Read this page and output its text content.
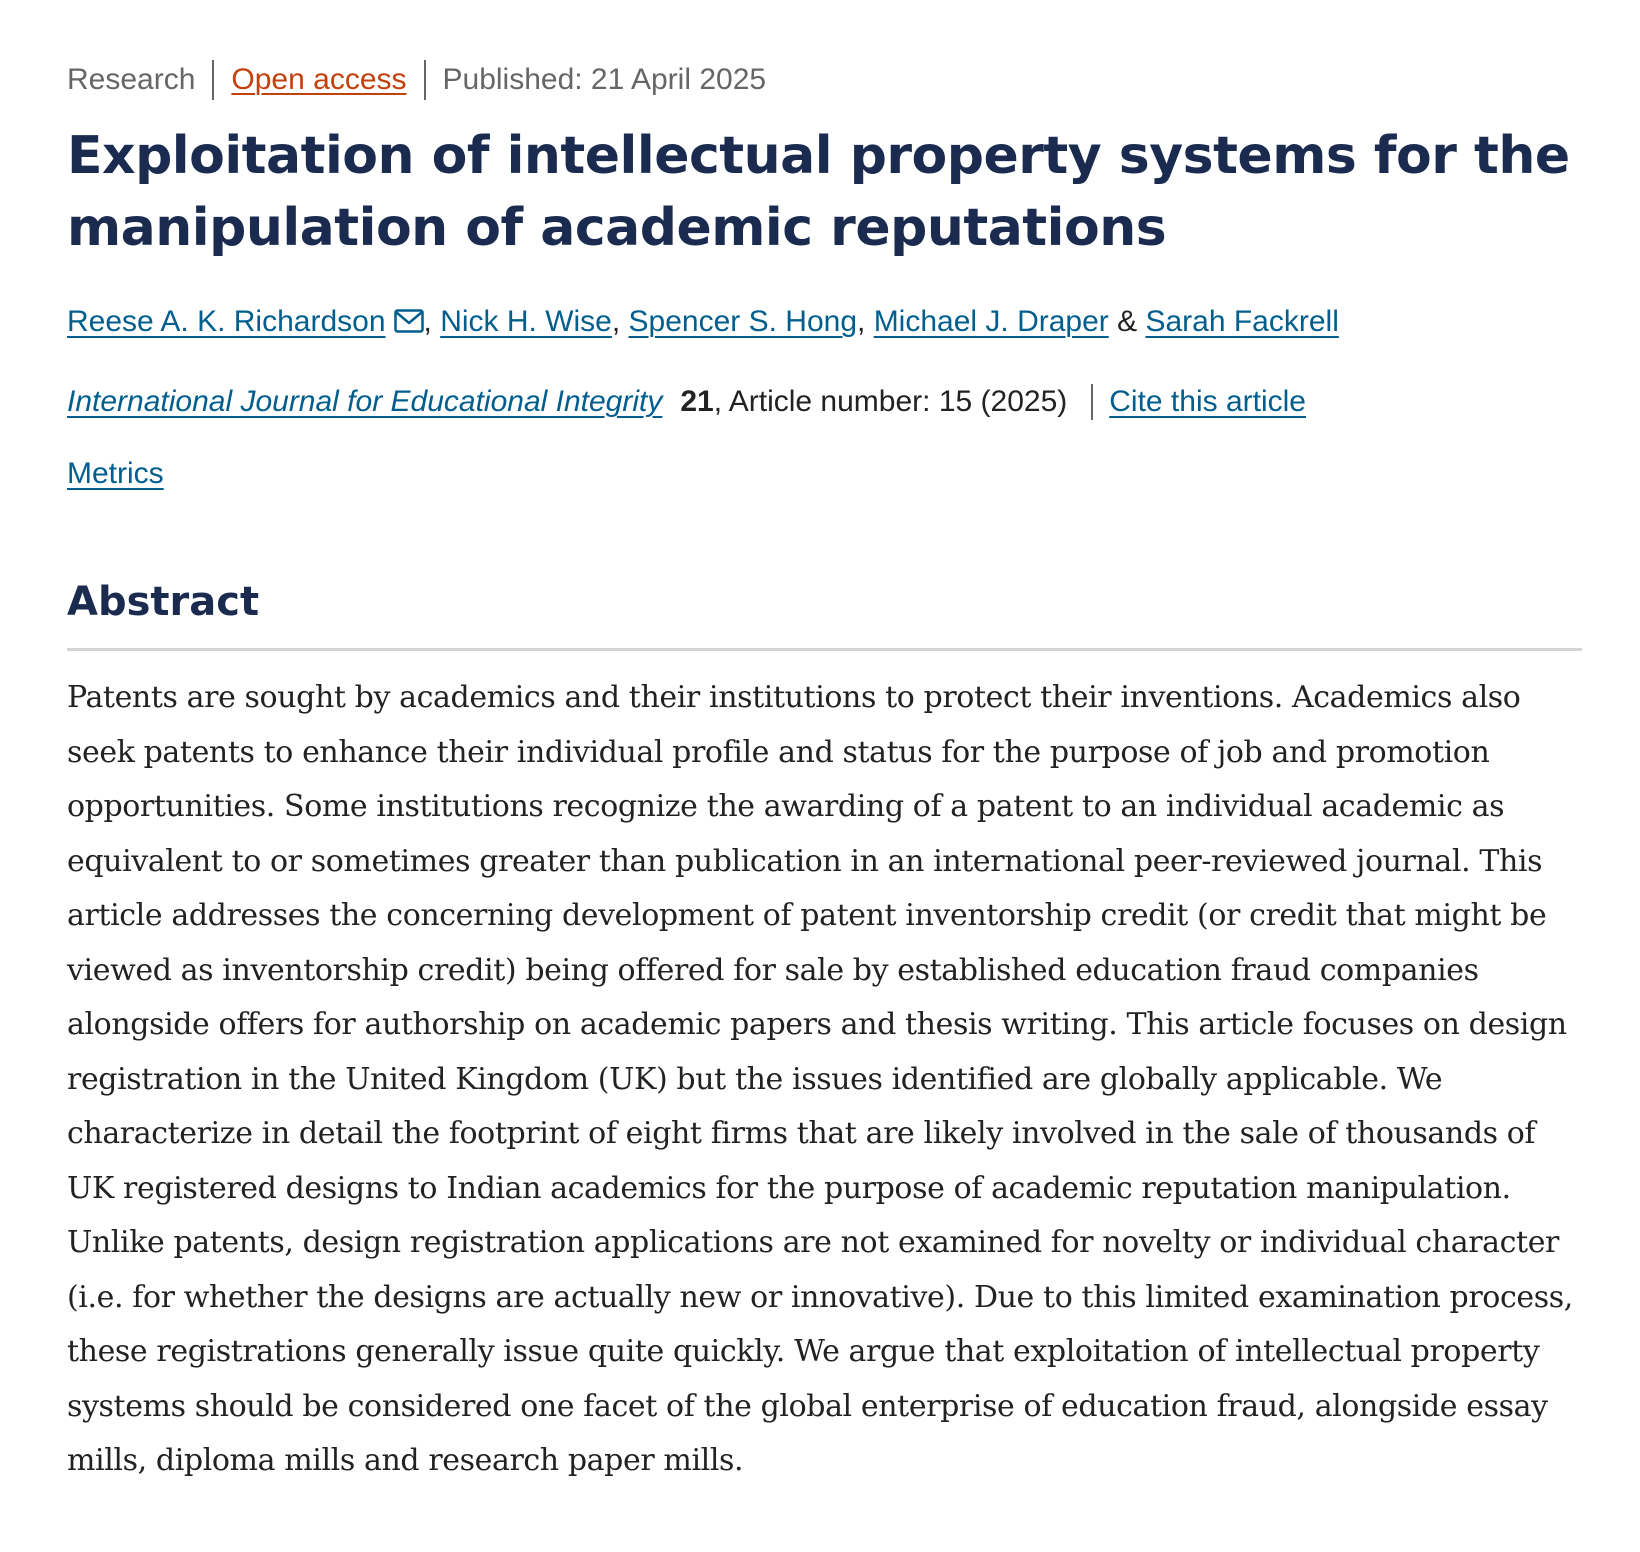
Research Open access Published: 21 April 2025
Exploitation of intellectual property systems for the manipulation of academic reputations
Reese A. K. Richardson , Nick H. Wise , Spencer S. Hong , Michael J. Draper & Sarah Fackrell
International Journal for Educational Integrity 21 , Article number: 15 (2025) Cite this article
Metrics
Abstract

Patents are sought by academics and their institutions to protect their inventions. Academics also seek patents to enhance their individual profile and status for the purpose of job and promotion opportunities. Some institutions recognize the awarding of a patent to an individual academic as equivalent to or sometimes greater than publication in an international peer-reviewed journal. This article addresses the concerning development of patent inventorship credit (or credit that might be viewed as inventorship credit) being offered for sale by established education fraud companies alongside offers for authorship on academic papers and thesis writing. This article focuses on design registration in the United Kingdom (UK) but the issues identified are globally applicable. We characterize in detail the footprint of eight firms that are likely involved in the sale of thousands of UK registered designs to Indian academics for the purpose of academic reputation manipulation. Unlike patents, design registration applications are not examined for novelty or individual character (i.e. for whether the designs are actually new or innovative). Due to this limited examination process, these registrations generally issue quite quickly. We argue that exploitation of intellectual property systems should be considered one facet of the global enterprise of education fraud, alongside essay mills, diploma mills and research paper mills.
